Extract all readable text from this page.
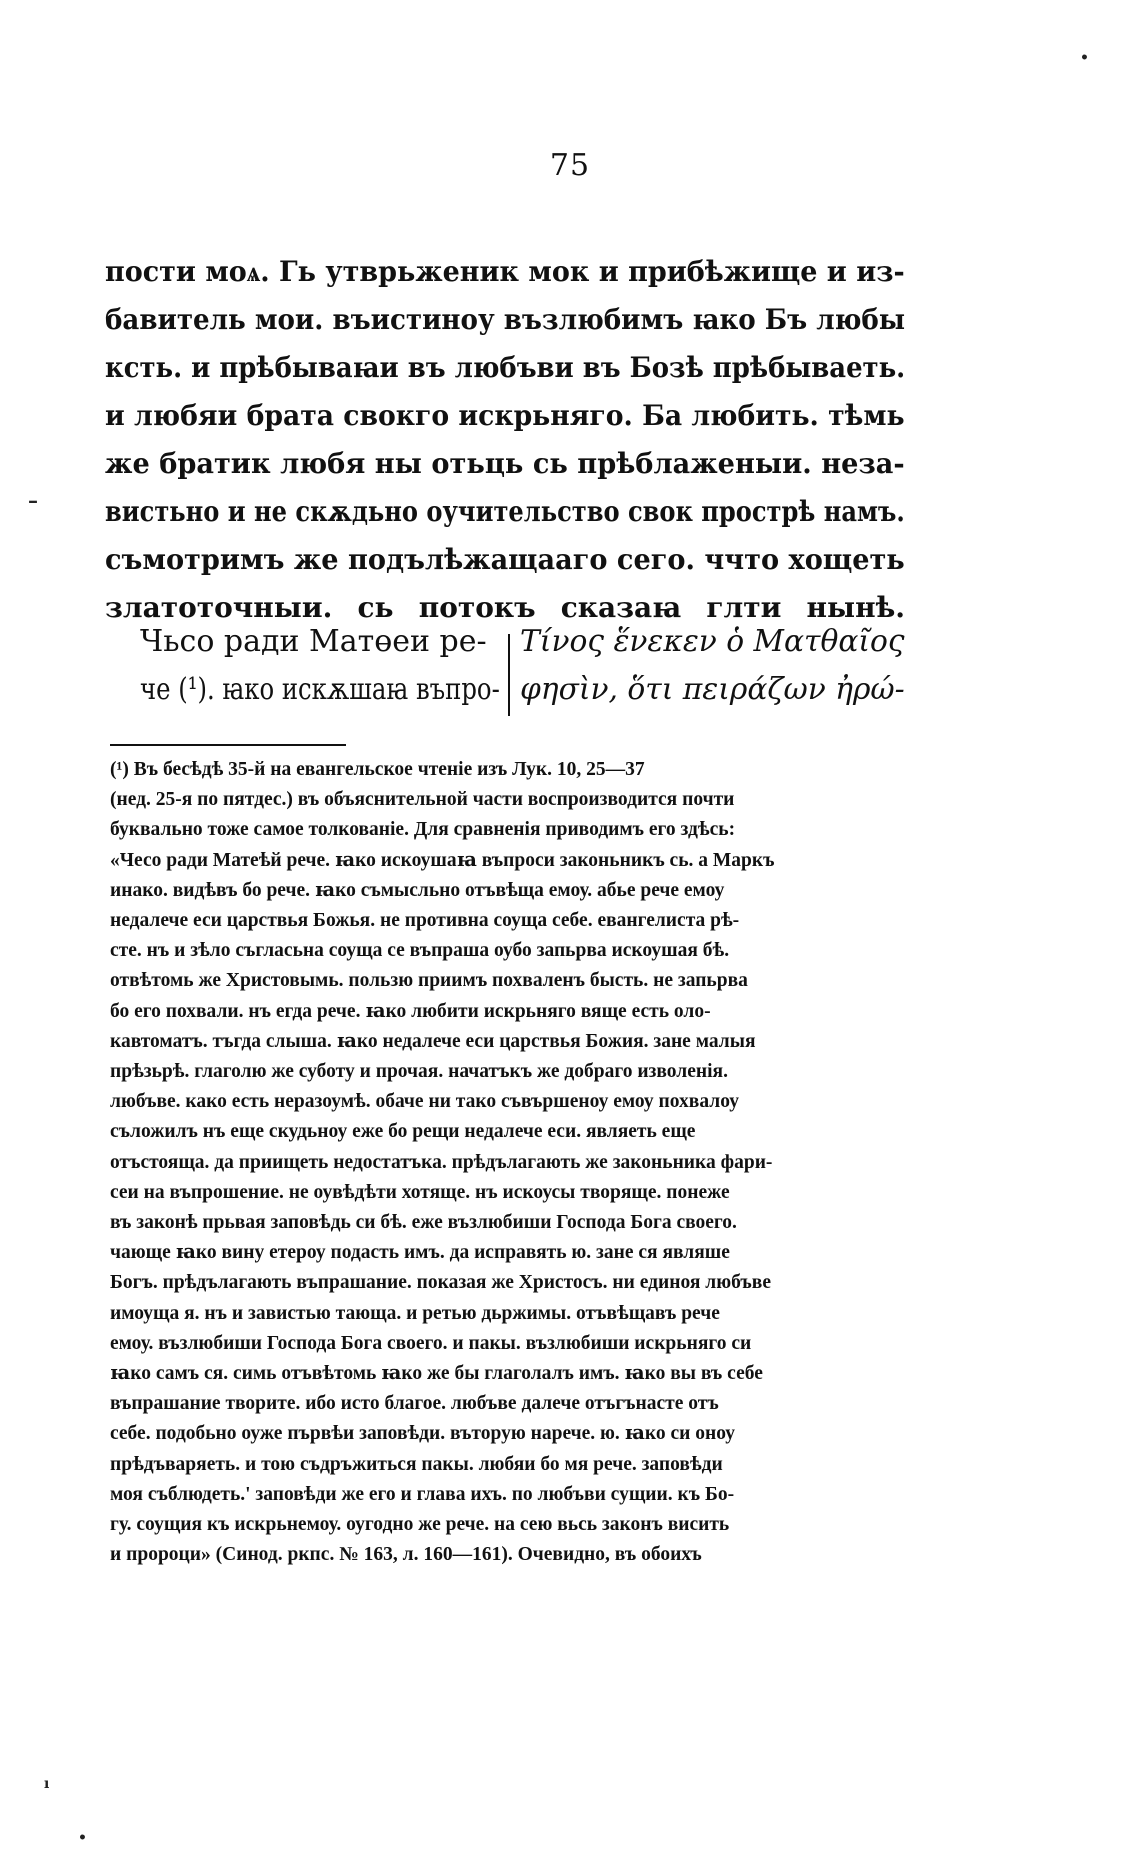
75
пости моѧ. Гь утврьженик мок и прибѣжище и из-
бавитель мои. въистиноу възлюбимъ ꙗко Бъ любы
ксть. и прѣбываꙗи въ любъви въ Бозѣ прѣбываеть.
и любяи брата свокго искрьняго. Ба любить. тѣмь
же братик любя ны отьць сь прѣблаженыи. неза-
вистьно и не скѫдьно оучительство свок прострѣ намъ.
съмотримъ же подълѣжащааго сего. ччто хощеть
златоточныи. сь потокъ сказаꙗ глти нынѣ.
Чьсо ради Матөеи ре-
че (¹). ꙗко искѫшаꙗ въпро-
Τίνος ἕνεκεν ὁ Ματθαῖος
φησὶν, ὅτι πειράζων ἠρώ-
(¹) Въ бесѣдѣ 35-й на евангельское чтеніе изъ Лук. 10, 25—37
(нед. 25-я по пятдес.) въ объяснительной части воспроизводится почти
буквально тоже самое толкованіе. Для сравненія приводимъ его здѣсь:
«Чесо ради Матеѣй рече. ꙗко искоушаꙗ въпроси законьникъ сь. а Маркъ
инако. видѣвъ бо рече. ꙗко съмысльно отъвѣща емоу. абье рече емоу
недалече еси царствья Божья. не противна соуща себе. евангелиста рѣ-
сте. нъ и зѣло съгласьна соуща се въпраша оубо запьрва искоушая бѣ.
отвѣтомь же Христовымь. пользю приимъ похваленъ бысть. не запьрва
бо его похвали. нъ егда рече. ꙗко любити искрьняго вяще есть оло-
кавтоматъ. тъгда слыша. ꙗко недалече еси царствья Божия. зане малыя
прѣзьрѣ. глаголю же суботу и прочая. начатъкъ же добраго изволенія.
любъве. како есть неразоумѣ. обаче ни тако съвършеноу емоу похвалоу
съложилъ нъ еще скудьноу еже бо рещи недалече еси. являеть еще
отъстояща. да приищеть недостатъка. прѣдълагають же законьника фари-
сеи на въпрошение. не оувѣдѣти хотяще. нъ искоусы творяще. понеже
въ законѣ прьвая заповѣдь си бѣ. еже възлюбиши Господа Бога своего.
чающе ꙗко вину етероу подасть имъ. да исправять ю. зане ся являше
Богъ. прѣдълагають въпрашание. показая же Христосъ. ни единоя любъве
имоуща я. нъ и завистью тающа. и ретью дьржимы. отъвѣщавъ рече
емоу. възлюбиши Господа Бога своего. и пакы. възлюбиши искрьняго си
ꙗко самъ ся. симь отъвѣтомь ꙗко же бы глаголалъ имъ. ꙗко вы въ себе
въпрашание творите. ибо исто благое. любъве далече отъгънасте отъ
себе. подобьно оуже първѣи заповѣди. въторую нарече. ю. ꙗко си оноу
прѣдъваряеть. и тою съдръжиться пакы. любяи бо мя рече. заповѣди
моя съблюдеть.' заповѣди же его и глава ихъ. по любъви сущии. къ Бо-
гу. соущия къ искрьнемоу. оугодно же рече. на сею вьсь законъ висить
и пророци» (Синод. ркпс. № 163, л. 160—161). Очевидно, въ обоихъ
•
–
ı
•
